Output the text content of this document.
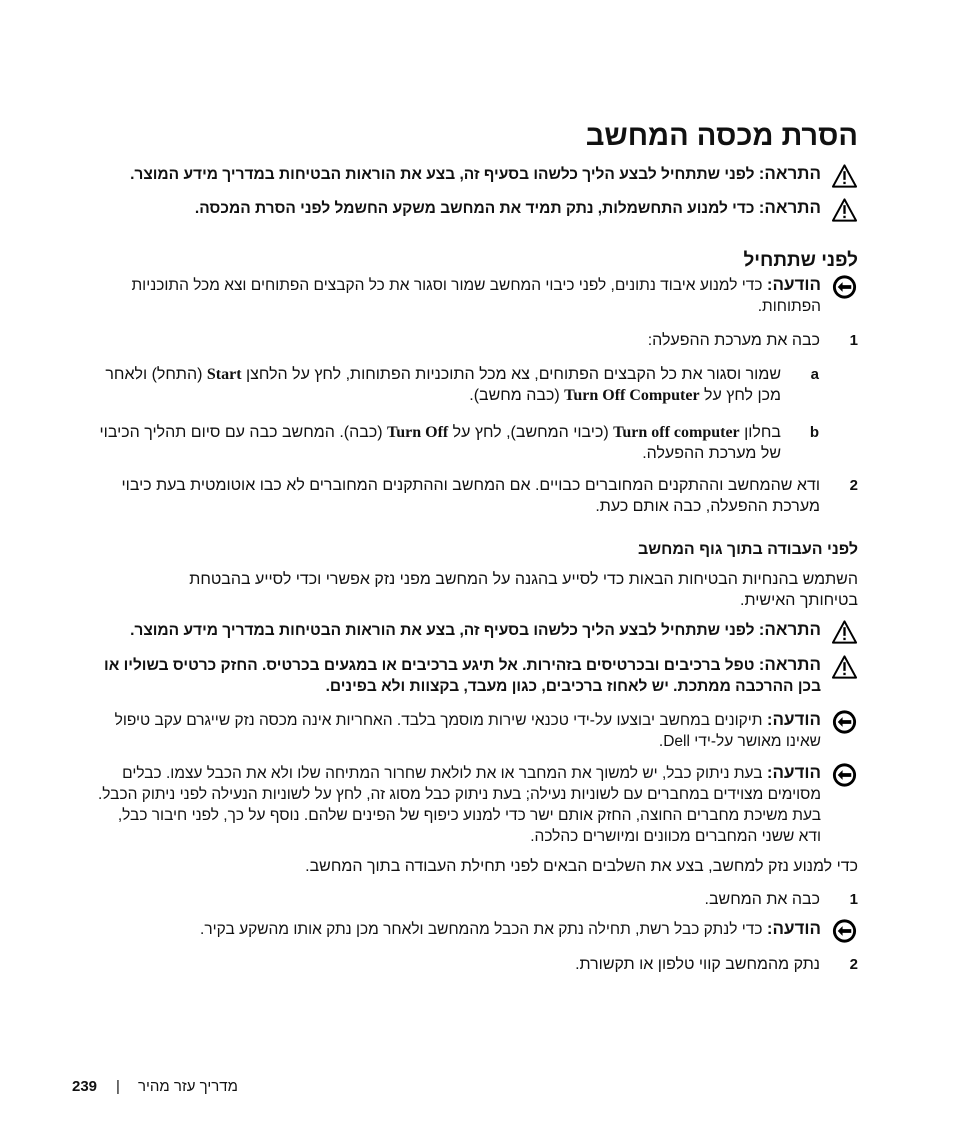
הסרת מכסה המחשב
התראה: לפני שתתחיל לבצע הליך כלשהו בסעיף זה, בצע את הוראות הבטיחות במדריך מידע המוצר.
התראה: כדי למנוע התחשמלות, נתק תמיד את המחשב משקע החשמל לפני הסרת המכסה.
לפני שתתחיל
הודעה: כדי למנוע איבוד נתונים, לפני כיבוי המחשב שמור וסגור את כל הקבצים הפתוחים וצא מכל התוכניות הפתוחות.
1
כבה את מערכת ההפעלה:
a
שמור וסגור את כל הקבצים הפתוחים, צא מכל התוכניות הפתוחות, לחץ על הלחצן Start (התחל) ולאחר מכן לחץ על Turn Off Computer (כבה מחשב).
b
בחלון Turn off computer (כיבוי המחשב), לחץ על Turn Off (כבה). המחשב כבה עם סיום תהליך הכיבוי של מערכת ההפעלה.
2
ודא שהמחשב וההתקנים המחוברים כבויים. אם המחשב וההתקנים המחוברים לא כבו אוטומטית בעת כיבוי מערכת ההפעלה, כבה אותם כעת.
לפני העבודה בתוך גוף המחשב
השתמש בהנחיות הבטיחות הבאות כדי לסייע בהגנה על המחשב מפני נזק אפשרי וכדי לסייע בהבטחת בטיחותך האישית.
התראה: לפני שתתחיל לבצע הליך כלשהו בסעיף זה, בצע את הוראות הבטיחות במדריך מידע המוצר.
התראה: טפל ברכיבים ובכרטיסים בזהירות. אל תיגע ברכיבים או במגעים בכרטיס. החזק כרטיס בשוליו או בכן ההרכבה ממתכת. יש לאחוז ברכיבים, כגון מעבד, בקצוות ולא בפינים.
הודעה: תיקונים במחשב יבוצעו על-ידי טכנאי שירות מוסמך בלבד. האחריות אינה מכסה נזק שייגרם עקב טיפול שאינו מאושר על-ידי Dell.
הודעה: בעת ניתוק כבל, יש למשוך את המחבר או את לולאת שחרור המתיחה שלו ולא את הכבל עצמו. כבלים מסוימים מצוידים במחברים עם לשוניות נעילה; בעת ניתוק כבל מסוג זה, לחץ על לשוניות הנעילה לפני ניתוק הכבל. בעת משיכת מחברים החוצה, החזק אותם ישר כדי למנוע כיפוף של הפינים שלהם. נוסף על כך, לפני חיבור כבל, ודא ששני המחברים מכוונים ומיושרים כהלכה.
כדי למנוע נזק למחשב, בצע את השלבים הבאים לפני תחילת העבודה בתוך המחשב.
1
כבה את המחשב.
הודעה: כדי לנתק כבל רשת, תחילה נתק את הכבל מהמחשב ולאחר מכן נתק אותו מהשקע בקיר.
2
נתק מהמחשב קווי טלפון או תקשורת.
239 | מדריך עזר מהיר
